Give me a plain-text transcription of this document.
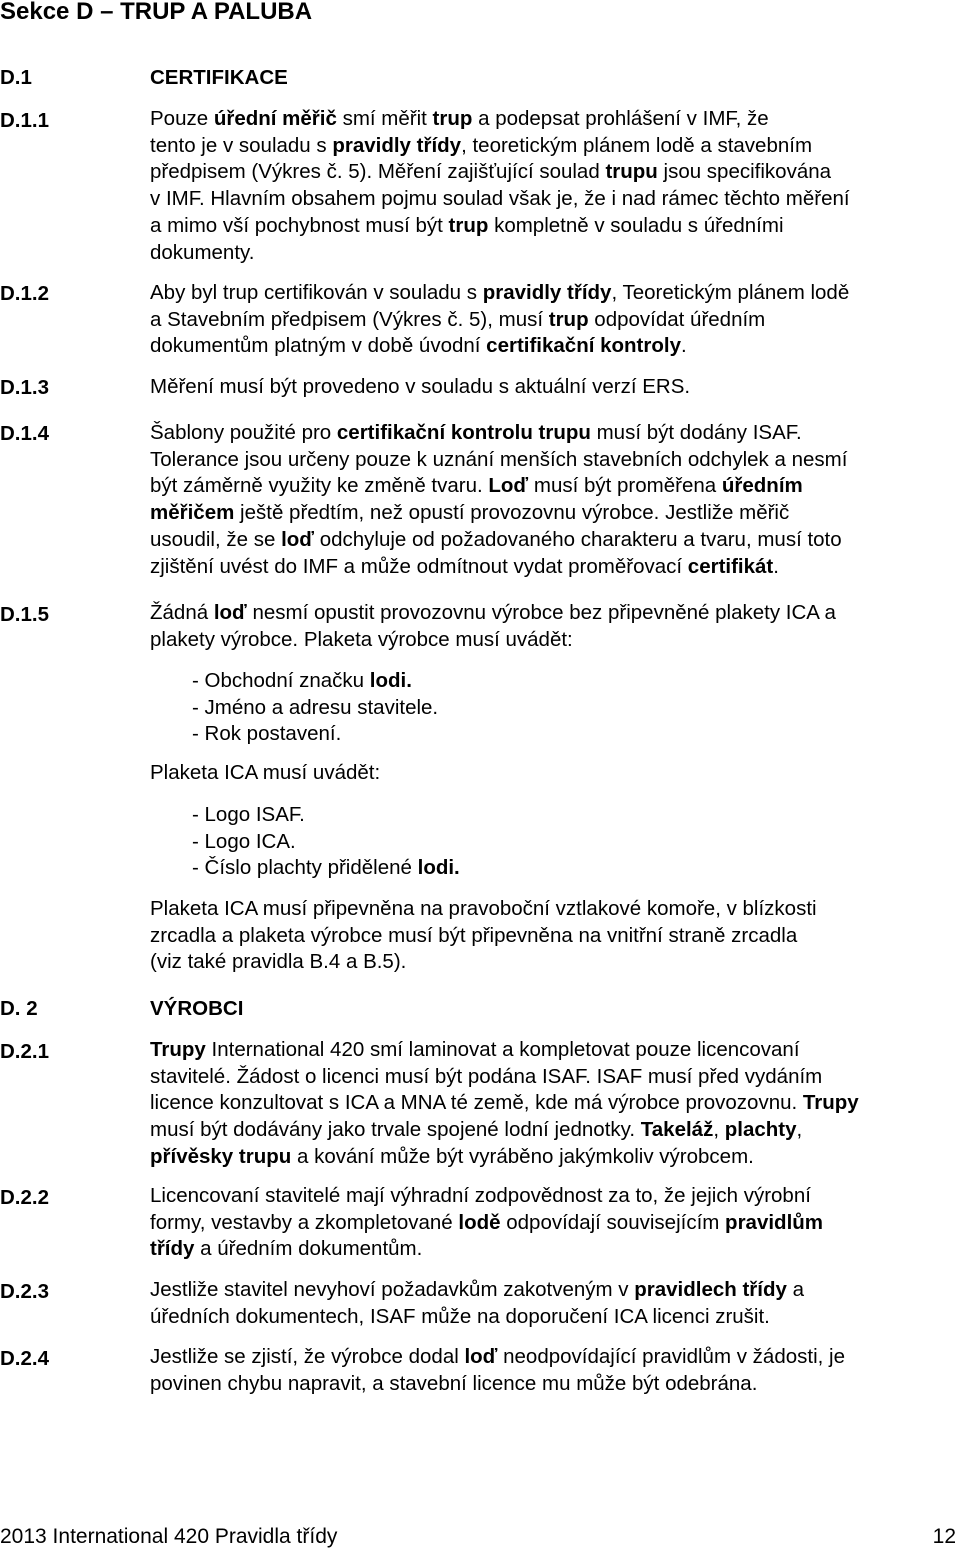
Sekce D – TRUP A PALUBA
D.1	CERTIFIKACE
D.1.1	Pouze úřední měřič smí měřit trup a podepsat prohlášení v IMF, že
tento je v souladu s pravidly třídy, teoretickým plánem lodě a stavebním
předpisem (Výkres č. 5). Měření zajišťující soulad trupu jsou specifikována
v IMF. Hlavním obsahem pojmu soulad však je, že i nad rámec těchto měření
a mimo vší pochybnost musí být trup kompletně v souladu s úředními
dokumenty.
D.1.2	Aby byl trup certifikován v souladu s pravidly třídy, Teoretickým plánem lodě
a Stavebním předpisem (Výkres č. 5), musí trup odpovídat úředním
dokumentům platným v době úvodní certifikační kontroly.
D.1.3	Měření musí být provedeno v souladu s aktuální verzí ERS.
D.1.4	Šablony použité pro certifikační kontrolu trupu musí být dodány ISAF.
Tolerance jsou určeny pouze k uznání menších stavebních odchylek a nesmí
být záměrně využity ke změně tvaru. Loď musí být proměřena úředním
měřičem ještě předtím, než opustí provozovnu výrobce. Jestliže měřič
usoudil, že se loď odchyluje od požadovaného charakteru a tvaru, musí toto
zjištění uvést do IMF a může odmítnout vydat proměřovací certifikát.
D.1.5	Žádná loď nesmí opustit provozovnu výrobce bez připevněné plakety ICA a
plakety výrobce. Plaketa výrobce musí uvádět:
- Obchodní značku lodi.
- Jméno a adresu stavitele.
- Rok postavení.
Plaketa ICA musí uvádět:
- Logo ISAF.
- Logo ICA.
- Číslo plachty přidělené lodi.
Plaketa ICA musí připevněna na pravoboční vztlakové komoře, v blízkosti
zrcadla a plaketa výrobce musí být připevněna na vnitřní straně zrcadla
(viz také pravidla B.4 a B.5).
D. 2	VÝROBCI
D.2.1	Trupy International 420 smí laminovat a kompletovat pouze licencovaní
stavitelé. Žádost o licenci musí být podána ISAF. ISAF musí před vydáním
licence konzultovat s ICA a MNA té země, kde má výrobce provozovnu. Trupy
musí být dodávány jako trvale spojené lodní jednotky. Takeláž, plachty,
přívěsky trupu a kování může být vyráběno jakýmkoliv výrobcem.
D.2.2	Licencovaní stavitelé mají výhradní zodpovědnost za to, že jejich výrobní
formy, vestavby a zkompletované lodě odpovídají souvisejícím pravidlům
třídy a úředním dokumentům.
D.2.3	Jestliže stavitel nevyhoví požadavkům zakotveným v pravidlech třídy a
úředních dokumentech, ISAF může na doporučení ICA licenci zrušit.
D.2.4	Jestliže se zjistí, že výrobce dodal loď neodpovídající pravidlům v žádosti, je
povinen chybu napravit, a stavební licence mu může být odebrána.
2013 International 420 Pravidla třídy	12
